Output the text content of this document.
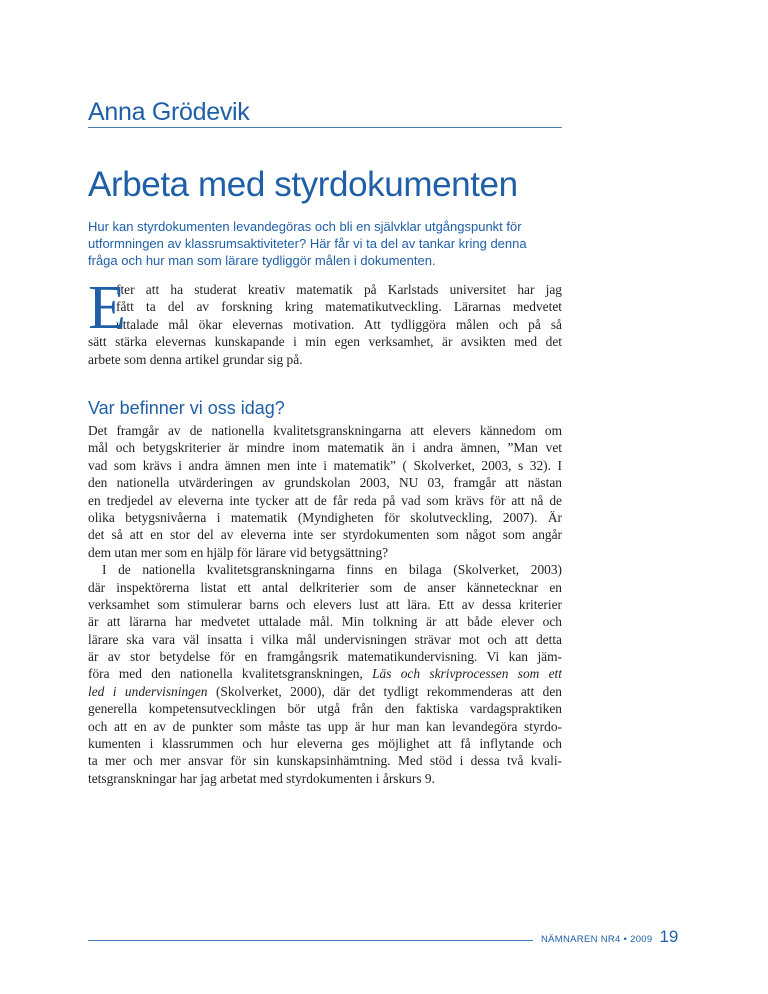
Anna Grödevik
Arbeta med styrdokumenten

Hur kan styrdokumenten levandegöras och bli en självklar utgångspunkt för

utformningen av klassrumsaktiviteter? Här får vi ta del av tankar kring denna

fråga och hur man som lärare tydliggör målen i dokumenten.

E
fter att ha studerat kreativ matematik på Karlstads universitet har jag
fått ta del av forskning kring matematikutveckling. Lärarnas medvetet
uttalade mål ökar elevernas motivation. Att tydliggöra målen och på så
sätt stärka elevernas kunskapande i min egen verksamhet, är avsikten med det
arbete som denna artikel grundar sig på.
Var befinner vi oss idag?
Det framgår av de nationella kvalitetsgranskningarna att elevers kännedom om
mål och betygskriterier är mindre inom matematik än i andra ämnen, ”Man vet
vad som krävs i andra ämnen men inte i matematik” ( Skolverket, 2003, s 32). I
den nationella utvärderingen av grundskolan 2003, NU 03, framgår att nästan
en tredjedel av eleverna inte tycker att de får reda på vad som krävs för att nå de
olika betygsnivåerna i matematik (Myndigheten för skolutveckling, 2007). Är
det så att en stor del av eleverna inte ser styrdokumenten som något som angår
dem utan mer som en hjälp för lärare vid betygsättning?
I de nationella kvalitetsgranskningarna finns en bilaga (Skolverket, 2003)
där inspektörerna listat ett antal delkriterier som de anser kännetecknar en
verksamhet som stimulerar barns och elevers lust att lära. Ett av dessa kriterier
är att lärarna har medvetet uttalade mål. Min tolkning är att både elever och
lärare ska vara väl insatta i vilka mål undervisningen strävar mot och att detta
är av stor betydelse för en framgångsrik matematikundervisning. Vi kan jäm-
föra med den nationella kvalitetsgranskningen, Läs och skrivprocessen som ett
led i undervisningen (Skolverket, 2000), där det tydligt rekommenderas att den
generella kompetensutvecklingen bör utgå från den faktiska vardagspraktiken
och att en av de punkter som måste tas upp är hur man kan levandegöra styrdo-
kumenten i klassrummen och hur eleverna ges möjlighet att få inflytande och
ta mer och mer ansvar för sin kunskapsinhämtning. Med stöd i dessa två kvali-
tetsgranskningar har jag arbetat med styrdokumenten i årskurs 9.
NÄMNAREN NR4 • 2009 19
